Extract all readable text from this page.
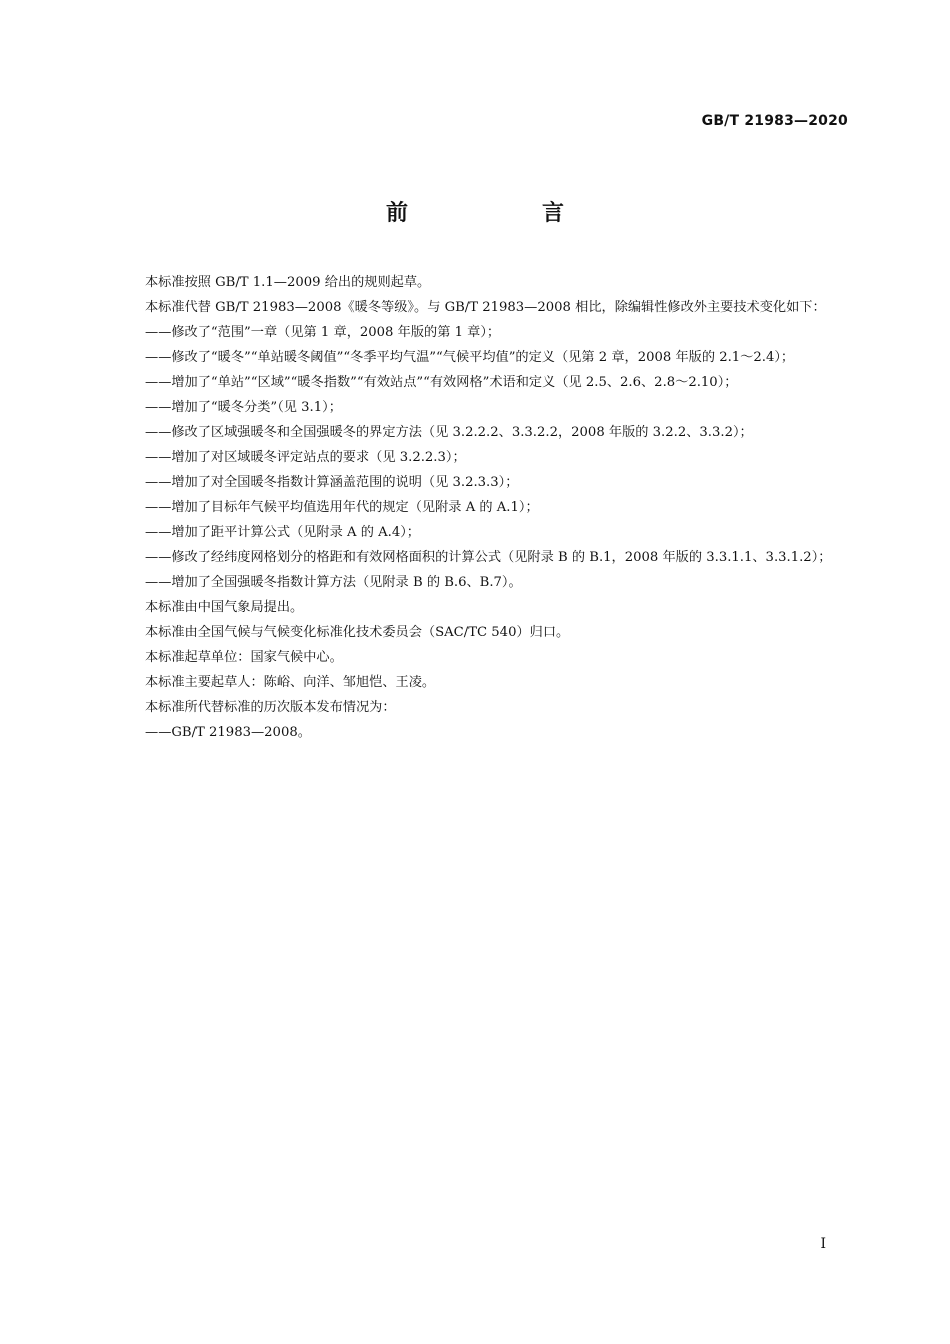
GB/T 21983—2020
前　言

本标准按照 GB/T 1.1—2009 给出的规则起草。

本标准代替 GB/T 21983—2008《暖冬等级》。与 GB/T 21983—2008 相比，除编辑性修改外主要技术变化如下：

——修改了“范围”一章（见第 1 章，2008 年版的第 1 章）；

——修改了“暖冬”“单站暖冬阈值”“冬季平均气温”“气候平均值”的定义（见第 2 章，2008 年版的 2.1～2.4）；

——增加了“单站”“区域”“暖冬指数”“有效站点”“有效网格”术语和定义（见 2.5、2.6、2.8～2.10）；

——增加了“暖冬分类”（见 3.1）；

——修改了区域强暖冬和全国强暖冬的界定方法（见 3.2.2.2、3.3.2.2，2008 年版的 3.2.2、3.3.2）；

——增加了对区域暖冬评定站点的要求（见 3.2.2.3）；

——增加了对全国暖冬指数计算涵盖范围的说明（见 3.2.3.3）；

——增加了目标年气候平均值选用年代的规定（见附录 A 的 A.1）；

——增加了距平计算公式（见附录 A 的 A.4）；

——修改了经纬度网格划分的格距和有效网格面积的计算公式（见附录 B 的 B.1，2008 年版的 3.3.1.1、3.3.1.2）；

——增加了全国强暖冬指数计算方法（见附录 B 的 B.6、B.7）。

本标准由中国气象局提出。

本标准由全国气候与气候变化标准化技术委员会（SAC/TC 540）归口。

本标准起草单位：国家气候中心。

本标准主要起草人：陈峪、向洋、邹旭恺、王凌。

本标准所代替标准的历次版本发布情况为：

——GB/T 21983—2008。

I
